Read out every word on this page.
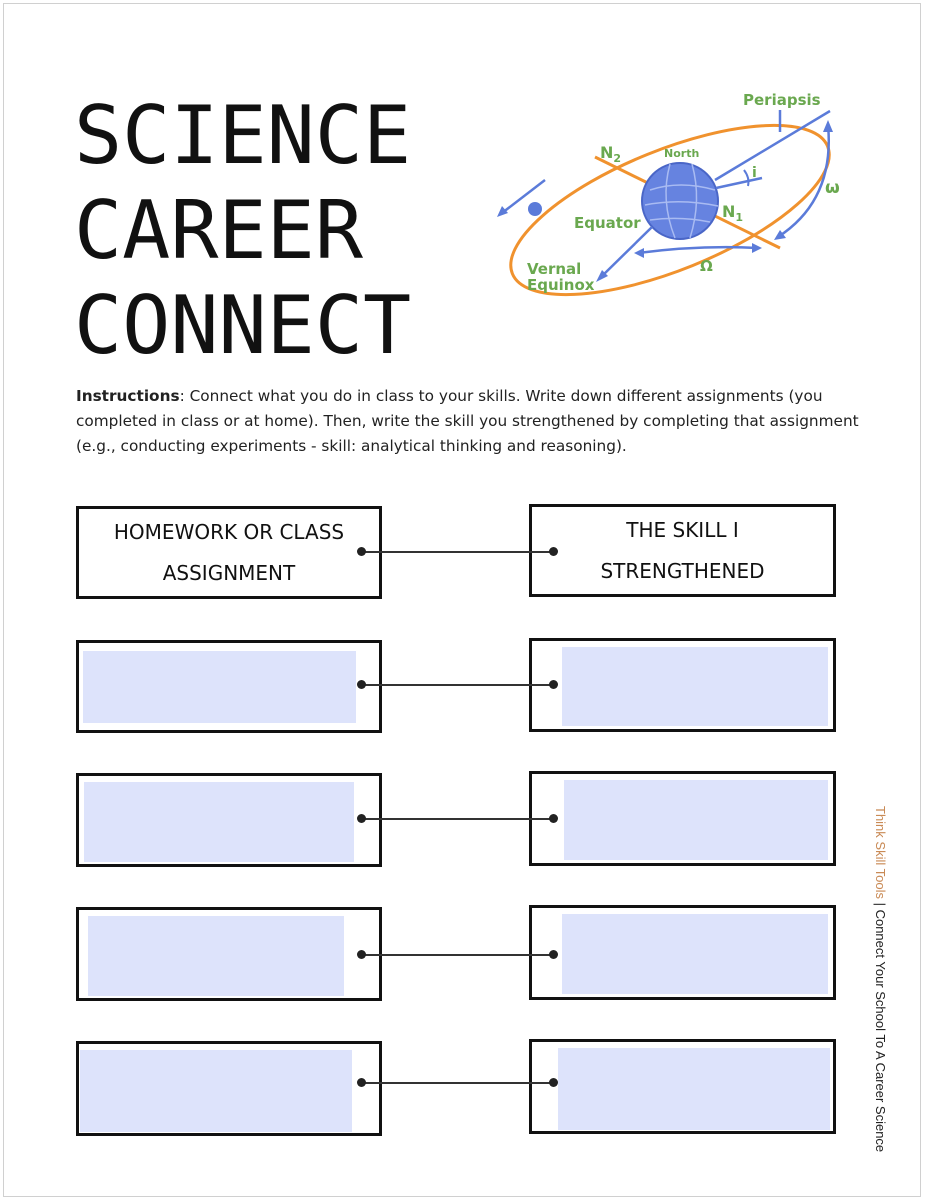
SCIENCE
CAREER
CONNECT
Periapsis
North
$N_2$
$N_1$
i
Equator
Vernal
Equinox
Ω
ω
Instructions: Connect what you do in class to your skills. Write down different assignments (you completed in class or at home). Then, write the skill you strengthened by completing that assignment (e.g., conducting experiments - skill: analytical thinking and reasoning).
HOMEWORK OR CLASS
ASSIGNMENT
THE SKILL I
STRENGTHENED
Think Skill Tools | Connect Your School To A Career Science
